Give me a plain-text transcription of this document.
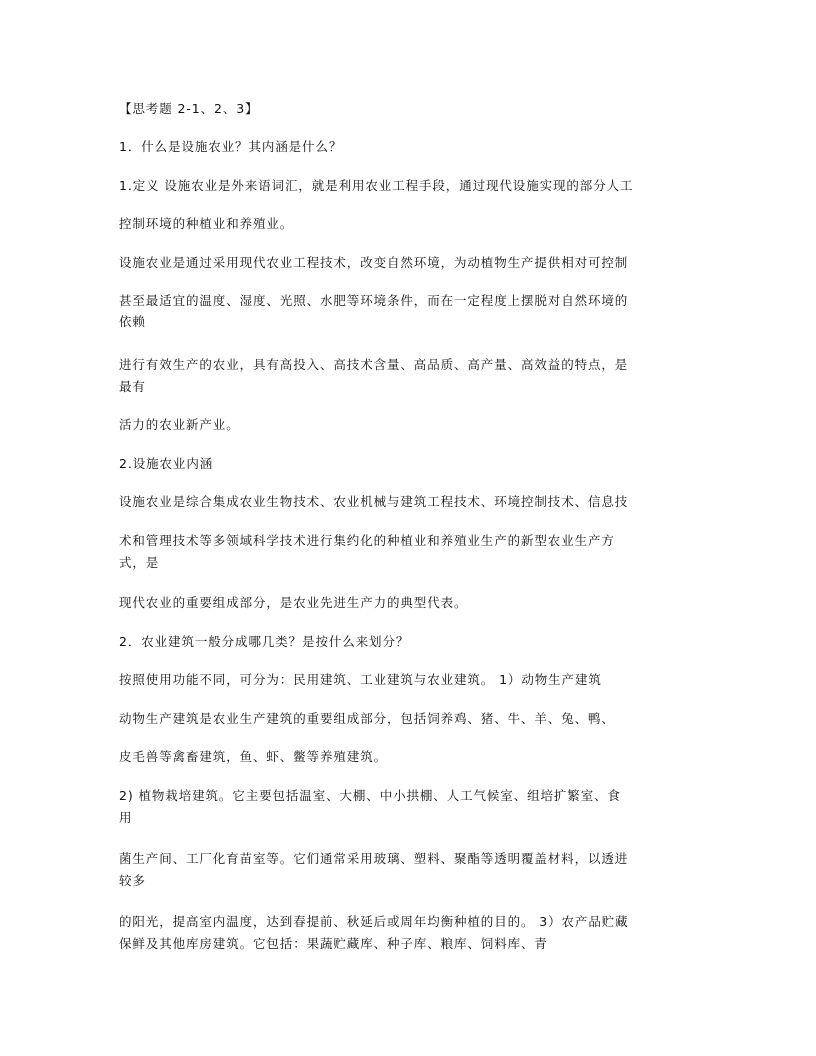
【思考题 2-1、2、3】
1．什么是设施农业？其内涵是什么？
1.定义 设施农业是外来语词汇，就是利用农业工程手段，通过现代设施实现的部分人工
控制环境的种植业和养殖业。
设施农业是通过采用现代农业工程技术，改变自然环境，为动植物生产提供相对可控制
甚至最适宜的温度、湿度、光照、水肥等环境条件，而在一定程度上摆脱对自然环境的
依赖
进行有效生产的农业，具有高投入、高技术含量、高品质、高产量、高效益的特点，是
最有
活力的农业新产业。
2.设施农业内涵
设施农业是综合集成农业生物技术、农业机械与建筑工程技术、环境控制技术、信息技
术和管理技术等多领域科学技术进行集约化的种植业和养殖业生产的新型农业生产方
式，是
现代农业的重要组成部分，是农业先进生产力的典型代表。
2．农业建筑一般分成哪几类？是按什么来划分？
按照使用功能不同，可分为：民用建筑、工业建筑与农业建筑。 1）动物生产建筑
动物生产建筑是农业生产建筑的重要组成部分，包括饲养鸡、猪、牛、羊、兔、鸭、
皮毛兽等禽畜建筑，鱼、虾、鳖等养殖建筑。
2) 植物栽培建筑。它主要包括温室、大棚、中小拱棚、人工气候室、组培扩繁室、食
用
菌生产间、工厂化育苗室等。它们通常采用玻璃、塑料、聚酯等透明覆盖材料，以透进
较多
的阳光，提高室内温度，达到春提前、秋延后或周年均衡种植的目的。 3）农产品贮藏
保鲜及其他库房建筑。它包括：果蔬贮藏库、种子库、粮库、饲料库、青
